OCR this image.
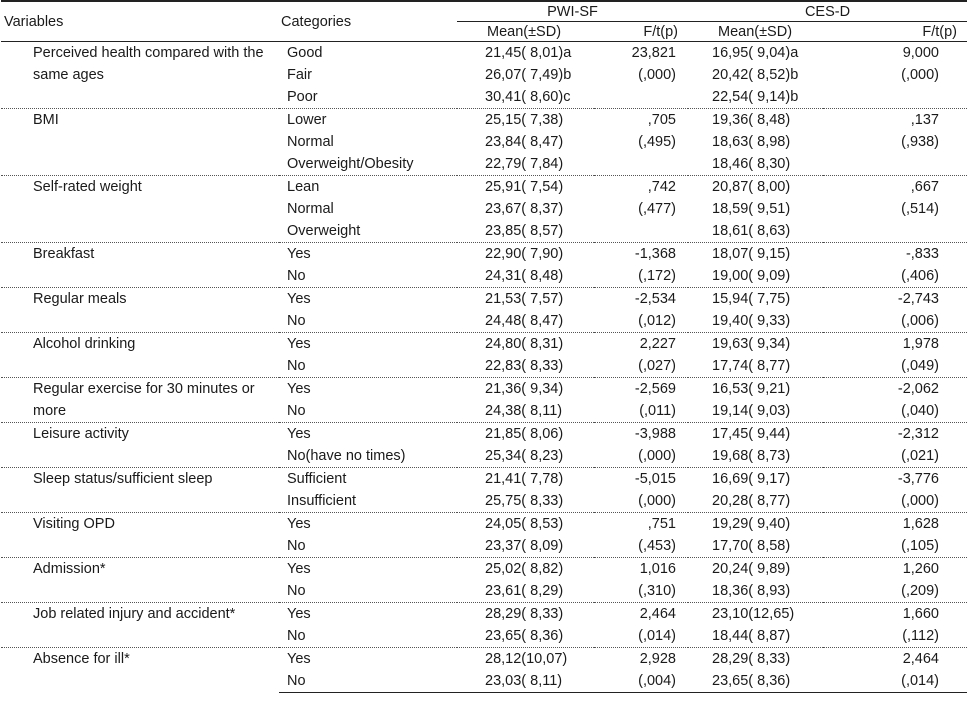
Variables	Categories	PWI-SF		CES-D	
		Mean(±SD)	F/t(p)	Mean(±SD)	F/t(p)
Perceived health compared with the same ages	Good	21,45( 8,01)a	23,821	16,95( 9,04)a	9,000
	Fair	26,07( 7,49)b	(,000)	20,42( 8,52)b	(,000)
	Poor	30,41( 8,60)c		22,54( 9,14)b	
BMI	Lower	25,15( 7,38)	,705	19,36( 8,48)	,137
	Normal	23,84( 8,47)	(,495)	18,63( 8,98)	(,938)
	Overweight/Obesity	22,79( 7,84)		18,46( 8,30)	
Self-rated weight	Lean	25,91( 7,54)	,742	20,87( 8,00)	,667
	Normal	23,67( 8,37)	(,477)	18,59( 9,51)	(,514)
	Overweight	23,85( 8,57)		18,61( 8,63)	
Breakfast	Yes	22,90( 7,90)	-1,368	18,07( 9,15)	-,833
	No	24,31( 8,48)	(,172)	19,00( 9,09)	(,406)
Regular meals	Yes	21,53( 7,57)	-2,534	15,94( 7,75)	-2,743
	No	24,48( 8,47)	(,012)	19,40( 9,33)	(,006)
Alcohol drinking	Yes	24,80( 8,31)	2,227	19,63( 9,34)	1,978
	No	22,83( 8,33)	(,027)	17,74( 8,77)	(,049)
Regular exercise for 30 minutes or more	Yes	21,36( 9,34)	-2,569	16,53( 9,21)	-2,062
	No	24,38( 8,11)	(,011)	19,14( 9,03)	(,040)
Leisure activity	Yes	21,85( 8,06)	-3,988	17,45( 9,44)	-2,312
	No(have no times)	25,34( 8,23)	(,000)	19,68( 8,73)	(,021)
Sleep status/sufficient sleep	Sufficient	21,41( 7,78)	-5,015	16,69( 9,17)	-3,776
	Insufficient	25,75( 8,33)	(,000)	20,28( 8,77)	(,000)
Visiting OPD	Yes	24,05( 8,53)	,751	19,29( 9,40)	1,628
	No	23,37( 8,09)	(,453)	17,70( 8,58)	(,105)
Admission*	Yes	25,02( 8,82)	1,016	20,24( 9,89)	1,260
	No	23,61( 8,29)	(,310)	18,36( 8,93)	(,209)
Job related injury and accident*	Yes	28,29( 8,33)	2,464	23,10(12,65)	1,660
	No	23,65( 8,36)	(,014)	18,44( 8,87)	(,112)
Absence for ill*	Yes	28,12(10,07)	2,928	28,29( 8,33)	2,464
	No	23,03( 8,11)	(,004)	23,65( 8,36)	(,014)
